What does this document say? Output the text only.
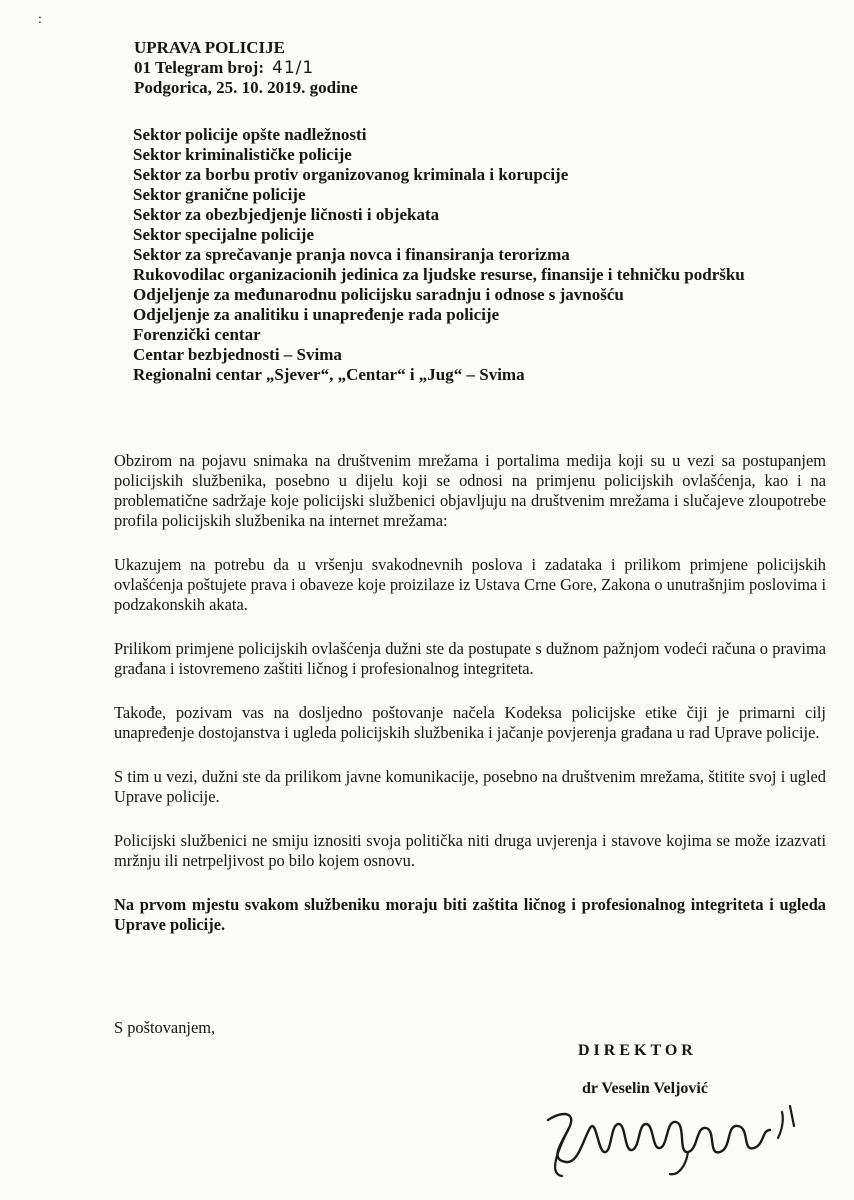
:
UPRAVA POLICIJE
01 Telegram broj: 41/1
Podgorica, 25. 10. 2019. godine
Sektor policije opšte nadležnosti
Sektor kriminalističke policije
Sektor za borbu protiv organizovanog kriminala i korupcije
Sektor granične policije
Sektor za obezbjedjenje ličnosti i objekata
Sektor specijalne policije
Sektor za sprečavanje pranja novca i finansiranja terorizma
Rukovodilac organizacionih jedinica za ljudske resurse, finansije i tehničku podršku
Odjeljenje za međunarodnu policijsku saradnju i odnose s javnošću
Odjeljenje za analitiku i unapređenje rada policije
Forenzički centar
Centar bezbjednosti – Svima
Regionalni centar „Sjever“, „Centar“ i „Jug“ – Svima

Obzirom na pojavu snimaka na društvenim mrežama i portalima medija koji su u vezi sa postupanjem policijskih službenika, posebno u dijelu koji se odnosi na primjenu policijskih ovlašćenja, kao i na problematične sadržaje koje policijski službenici objavljuju na društvenim mrežama i slučajeve zloupotrebe profila policijskih službenika na internet mrežama:

Ukazujem na potrebu da u vršenju svakodnevnih poslova i zadataka i prilikom primjene policijskih ovlašćenja poštujete prava i obaveze koje proizilaze iz Ustava Crne Gore, Zakona o unutrašnjim poslovima i podzakonskih akata.

Prilikom primjene policijskih ovlašćenja dužni ste da postupate s dužnom pažnjom vodeći računa o pravima građana i istovremeno zaštiti ličnog i profesionalnog integriteta.

Takođe, pozivam vas na dosljedno poštovanje načela Kodeksa policijske etike čiji je primarni cilj unapređenje dostojanstva i ugleda policijskih službenika i jačanje povjerenja građana u rad Uprave policije.

S tim u vezi, dužni ste da prilikom javne komunikacije, posebno na društvenim mrežama, štitite svoj i ugled Uprave policije.

Policijski službenici ne smiju iznositi svoja politička niti druga uvjerenja i stavove kojima se može izazvati mržnju ili netrpeljivost po bilo kojem osnovu.

Na prvom mjestu svakom službeniku moraju biti zaštita ličnog i profesionalnog integriteta i ugleda Uprave policije.

S poštovanjem,
DIREKTOR
dr Veselin Veljović
